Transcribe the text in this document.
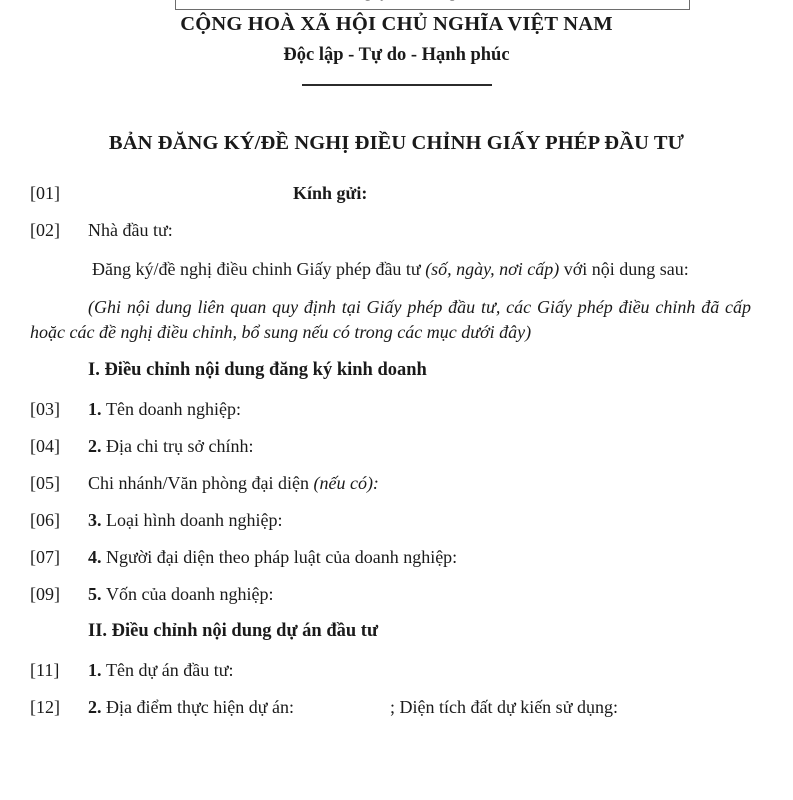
CỘNG HOÀ XÃ HỘI CHỦ NGHĨA VIỆT NAM
Độc lập - Tự do - Hạnh phúc
BẢN ĐĂNG KÝ/ĐỀ NGHỊ ĐIỀU CHỈNH GIẤY PHÉP ĐẦU TƯ
[01]	Kính gửi:
[02]	Nhà đầu tư:

Đăng ký/đề nghị điều chinh Giấy phép đầu tư (số, ngày, nơi cấp) với nội dung sau:

(Ghi nội dung liên quan quy định tại Giấy phép đầu tư, các Giấy phép điều chỉnh đã cấp hoặc các đề nghị điều chỉnh, bổ sung nếu có trong các mục dưới đây)

I. Điều chỉnh nội dung đăng ký kinh doanh
[03]	1. Tên doanh nghiệp:
[04]	2. Địa chi trụ sở chính:
[05]	Chi nhánh/Văn phòng đại diện (nếu có):
[06]	3. Loại hình doanh nghiệp:
[07]	4. Người đại diện theo pháp luật của doanh nghiệp:
[09]	5. Vốn của doanh nghiệp:
II. Điều chỉnh nội dung dự án đầu tư
[11]	1. Tên dự án đầu tư:
[12]	2. Địa điểm thực hiện dự án:	; Diện tích đất dự kiến sử dụng:
